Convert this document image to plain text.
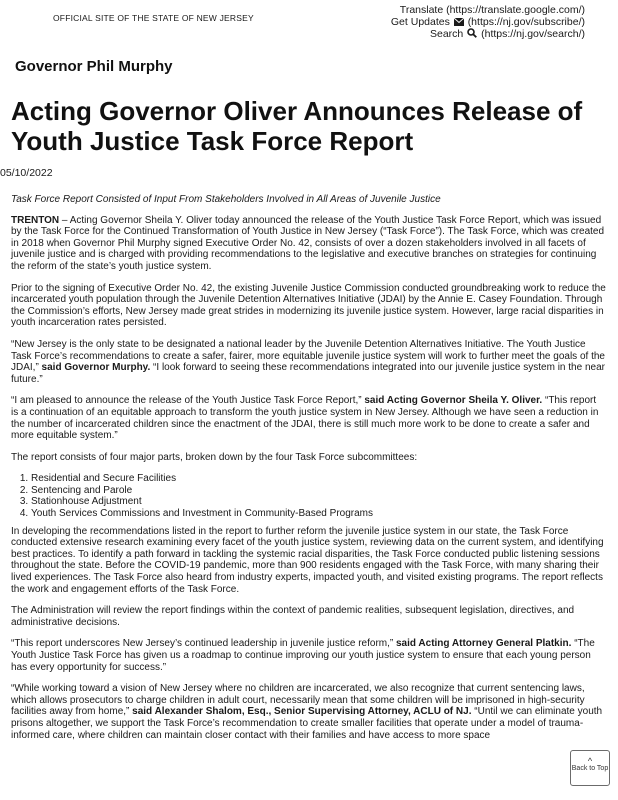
OFFICIAL SITE OF THE STATE OF NEW JERSEY
Translate (https://translate.google.com/)
Get Updates (https://nj.gov/subscribe/)
Search (https://nj.gov/search/)
Governor Phil Murphy
Acting Governor Oliver Announces Release of Youth Justice Task Force Report
05/10/2022

Task Force Report Consisted of Input From Stakeholders Involved in All Areas of Juvenile Justice

TRENTON – Acting Governor Sheila Y. Oliver today announced the release of the Youth Justice Task Force Report, which was issued by the Task Force for the Continued Transformation of Youth Justice in New Jersey (“Task Force”). The Task Force, which was created in 2018 when Governor Phil Murphy signed Executive Order No. 42, consists of over a dozen stakeholders involved in all facets of juvenile justice and is charged with providing recommendations to the legislative and executive branches on strategies for continuing the reform of the state’s youth justice system.

Prior to the signing of Executive Order No. 42, the existing Juvenile Justice Commission conducted groundbreaking work to reduce the incarcerated youth population through the Juvenile Detention Alternatives Initiative (JDAI) by the Annie E. Casey Foundation. Through the Commission’s efforts, New Jersey made great strides in modernizing its juvenile justice system. However, large racial disparities in youth incarceration rates persisted.

“New Jersey is the only state to be designated a national leader by the Juvenile Detention Alternatives Initiative. The Youth Justice Task Force’s recommendations to create a safer, fairer, more equitable juvenile justice system will work to further meet the goals of the JDAI,” said Governor Murphy. “I look forward to seeing these recommendations integrated into our juvenile justice system in the near future.”

“I am pleased to announce the release of the Youth Justice Task Force Report,” said Acting Governor Sheila Y. Oliver. “This report is a continuation of an equitable approach to transform the youth justice system in New Jersey. Although we have seen a reduction in the number of incarcerated children since the enactment of the JDAI, there is still much more work to be done to create a safer and more equitable system.”

The report consists of four major parts, broken down by the four Task Force subcommittees:

1. Residential and Secure Facilities
2. Sentencing and Parole
3. Stationhouse Adjustment
4. Youth Services Commissions and Investment in Community-Based Programs

In developing the recommendations listed in the report to further reform the juvenile justice system in our state, the Task Force conducted extensive research examining every facet of the youth justice system, reviewing data on the current system, and identifying best practices. To identify a path forward in tackling the systemic racial disparities, the Task Force conducted public listening sessions throughout the state. Before the COVID-19 pandemic, more than 900 residents engaged with the Task Force, with many sharing their lived experiences. The Task Force also heard from industry experts, impacted youth, and visited existing programs. The report reflects the work and engagement efforts of the Task Force.

The Administration will review the report findings within the context of pandemic realities, subsequent legislation, directives, and administrative decisions.

“This report underscores New Jersey’s continued leadership in juvenile justice reform,” said Acting Attorney General Platkin. “The Youth Justice Task Force has given us a roadmap to continue improving our youth justice system to ensure that each young person has every opportunity for success.”

“While working toward a vision of New Jersey where no children are incarcerated, we also recognize that current sentencing laws, which allows prosecutors to charge children in adult court, necessarily mean that some children will be imprisoned in high-security facilities away from home,” said Alexander Shalom, Esq., Senior Supervising Attorney, ACLU of NJ. “Until we can eliminate youth prisons altogether, we support the Task Force’s recommendation to create smaller facilities that operate under a model of trauma-informed care, where children can maintain closer contact with their families and have access to more space

^
Back to Top
